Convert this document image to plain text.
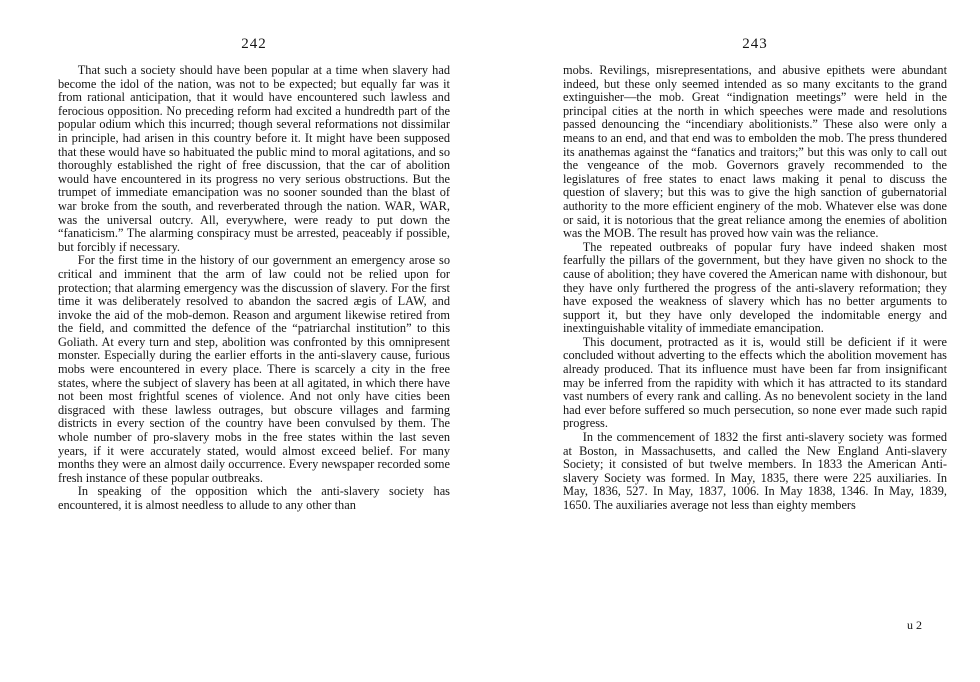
242

That such a society should have been popular at a time when slavery had become the idol of the nation, was not to be expected; but equally far was it from rational anticipation, that it would have encountered such lawless and ferocious opposition. No preceding reform had excited a hundredth part of the popular odium which this incurred; though several reformations not dissimilar in principle, had arisen in this country before it. It might have been supposed that these would have so habituated the public mind to moral agitations, and so thoroughly established the right of free discussion, that the car of abolition would have encountered in its progress no very serious obstructions. But the trumpet of immediate emancipation was no sooner sounded than the blast of war broke from the south, and reverberated through the nation. WAR, WAR, was the universal outcry. All, everywhere, were ready to put down the “fanaticism.” The alarming conspiracy must be arrested, peaceably if possible, but forcibly if necessary.

For the first time in the history of our government an emergency arose so critical and imminent that the arm of law could not be relied upon for protection; that alarming emergency was the discussion of slavery. For the first time it was deliberately resolved to abandon the sacred ægis of LAW, and invoke the aid of the mob-demon. Reason and argument likewise retired from the field, and committed the defence of the “patriarchal institution” to this Goliath. At every turn and step, abolition was confronted by this omnipresent monster. Especially during the earlier efforts in the anti-slavery cause, furious mobs were encountered in every place. There is scarcely a city in the free states, where the subject of slavery has been at all agitated, in which there have not been most frightful scenes of violence. And not only have cities been disgraced with these lawless outrages, but obscure villages and farming districts in every section of the country have been convulsed by them. The whole number of pro-slavery mobs in the free states within the last seven years, if it were accurately stated, would almost exceed belief. For many months they were an almost daily occurrence. Every newspaper recorded some fresh instance of these popular outbreaks.

In speaking of the opposition which the anti-slavery society has encountered, it is almost needless to allude to any other than

243

mobs. Revilings, misrepresentations, and abusive epithets were abundant indeed, but these only seemed intended as so many excitants to the grand extinguisher—the mob. Great “indignation meetings” were held in the principal cities at the north in which speeches were made and resolutions passed denouncing the “incendiary abolitionists.” These also were only a means to an end, and that end was to embolden the mob. The press thundered its anathemas against the “fanatics and traitors;” but this was only to call out the vengeance of the mob. Governors gravely recommended to the legislatures of free states to enact laws making it penal to discuss the question of slavery; but this was to give the high sanction of gubernatorial authority to the more efficient enginery of the mob. Whatever else was done or said, it is notorious that the great reliance among the enemies of abolition was the MOB. The result has proved how vain was the reliance.

The repeated outbreaks of popular fury have indeed shaken most fearfully the pillars of the government, but they have given no shock to the cause of abolition; they have covered the American name with dishonour, but they have only furthered the progress of the anti-slavery reformation; they have exposed the weakness of slavery which has no better arguments to support it, but they have only developed the indomitable energy and inextinguishable vitality of immediate emancipation.

This document, protracted as it is, would still be deficient if it were concluded without adverting to the effects which the abolition movement has already produced. That its influence must have been far from insignificant may be inferred from the rapidity with which it has attracted to its standard vast numbers of every rank and calling. As no benevolent society in the land had ever before suffered so much persecution, so none ever made such rapid progress.

In the commencement of 1832 the first anti-slavery society was formed at Boston, in Massachusetts, and called the New England Anti-slavery Society; it consisted of but twelve members. In 1833 the American Anti-slavery Society was formed. In May, 1835, there were 225 auxiliaries. In May, 1836, 527. In May, 1837, 1006. In May 1838, 1346. In May, 1839, 1650. The auxiliaries average not less than eighty members

u 2
